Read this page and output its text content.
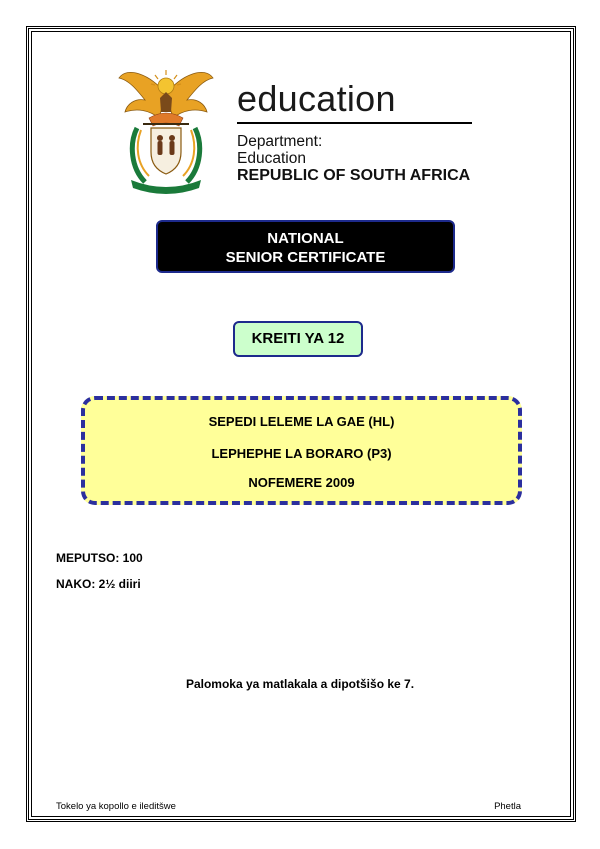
education
Department:
Education
REPUBLIC OF SOUTH AFRICA
NATIONAL
SENIOR CERTIFICATE
KREITI YA 12
SEPEDI LELEME LA GAE (HL)
LEPHEPHE LA BORARO (P3)
NOFEMERE 2009
MEPUTSO: 100
NAKO: 2½ diiri
Palomoka ya matlakala a dipotšišo ke 7.
Tokelo ya kopollo e ileditšwe	Phetla
